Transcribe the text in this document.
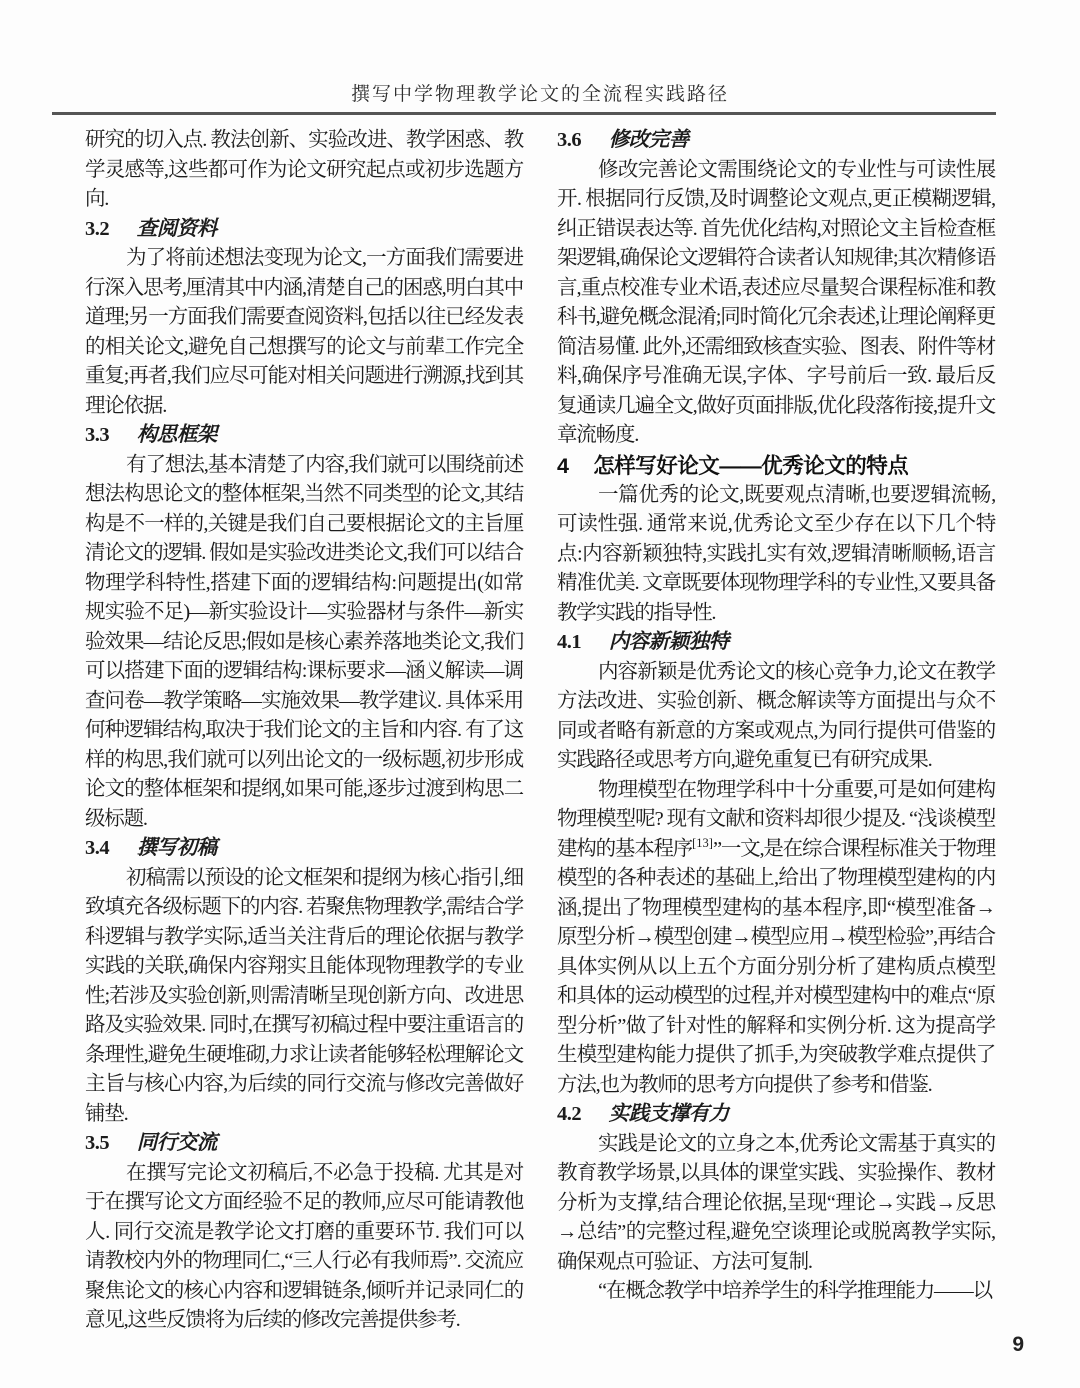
撰写中学物理教学论文的全流程实践路径

研究的切入点. 教法创新、实验改进、教学困惑、教学灵感等,这些都可作为论文研究起点或初步选题方向.

3.2 查阅资料

为了将前述想法变现为论文,一方面我们需要进行深入思考,厘清其中内涵,清楚自己的困惑,明白其中道理;另一方面我们需要查阅资料,包括以往已经发表的相关论文,避免自己想撰写的论文与前辈工作完全重复;再者,我们应尽可能对相关问题进行溯源,找到其理论依据.

3.3 构思框架

有了想法,基本清楚了内容,我们就可以围绕前述想法构思论文的整体框架,当然不同类型的论文,其结构是不一样的,关键是我们自己要根据论文的主旨厘清论文的逻辑. 假如是实验改进类论文,我们可以结合物理学科特性,搭建下面的逻辑结构:问题提出(如常规实验不足)—新实验设计—实验器材与条件—新实验效果—结论反思;假如是核心素养落地类论文,我们可以搭建下面的逻辑结构:课标要求—涵义解读—调查问卷—教学策略—实施效果—教学建议. 具体采用何种逻辑结构,取决于我们论文的主旨和内容. 有了这样的构思,我们就可以列出论文的一级标题,初步形成论文的整体框架和提纲,如果可能,逐步过渡到构思二级标题.

3.4 撰写初稿

初稿需以预设的论文框架和提纲为核心指引,细致填充各级标题下的内容. 若聚焦物理教学,需结合学科逻辑与教学实际,适当关注背后的理论依据与教学实践的关联,确保内容翔实且能体现物理教学的专业性;若涉及实验创新,则需清晰呈现创新方向、改进思路及实验效果. 同时,在撰写初稿过程中要注重语言的条理性,避免生硬堆砌,力求让读者能够轻松理解论文主旨与核心内容,为后续的同行交流与修改完善做好铺垫.

3.5 同行交流

在撰写完论文初稿后,不必急于投稿. 尤其是对于在撰写论文方面经验不足的教师,应尽可能请教他人. 同行交流是教学论文打磨的重要环节. 我们可以请教校内外的物理同仁,“三人行必有我师焉”. 交流应聚焦论文的核心内容和逻辑链条,倾听并记录同仁的意见,这些反馈将为后续的修改完善提供参考.

3.6 修改完善

修改完善论文需围绕论文的专业性与可读性展开. 根据同行反馈,及时调整论文观点,更正模糊逻辑,纠正错误表达等. 首先优化结构,对照论文主旨检查框架逻辑,确保论文逻辑符合读者认知规律;其次精修语言,重点校准专业术语,表述应尽量契合课程标准和教科书,避免概念混淆;同时简化冗余表述,让理论阐释更简洁易懂. 此外,还需细致核查实验、图表、附件等材料,确保序号准确无误,字体、字号前后一致. 最后反复通读几遍全文,做好页面排版,优化段落衔接,提升文章流畅度.

4 怎样写好论文——优秀论文的特点

一篇优秀的论文,既要观点清晰,也要逻辑流畅,可读性强. 通常来说,优秀论文至少存在以下几个特点:内容新颖独特,实践扎实有效,逻辑清晰顺畅,语言精准优美. 文章既要体现物理学科的专业性,又要具备教学实践的指导性.

4.1 内容新颖独特

内容新颖是优秀论文的核心竞争力,论文在教学方法改进、实验创新、概念解读等方面提出与众不同或者略有新意的方案或观点,为同行提供可借鉴的实践路径或思考方向,避免重复已有研究成果.

物理模型在物理学科中十分重要,可是如何建构物理模型呢? 现有文献和资料却很少提及. “浅谈模型建构的基本程序[13]”一文,是在综合课程标准关于物理模型的各种表述的基础上,给出了物理模型建构的内涵,提出了物理模型建构的基本程序,即“模型准备→原型分析→模型创建→模型应用→模型检验”,再结合具体实例从以上五个方面分别分析了建构质点模型和具体的运动模型的过程,并对模型建构中的难点“原型分析”做了针对性的解释和实例分析. 这为提高学生模型建构能力提供了抓手,为突破教学难点提供了方法,也为教师的思考方向提供了参考和借鉴.

4.2 实践支撑有力

实践是论文的立身之本,优秀论文需基于真实的教育教学场景,以具体的课堂实践、实验操作、教材分析为支撑,结合理论依据,呈现“理论→实践→反思→总结”的完整过程,避免空谈理论或脱离教学实际,确保观点可验证、方法可复制.

“在概念教学中培养学生的科学推理能力——以

9
